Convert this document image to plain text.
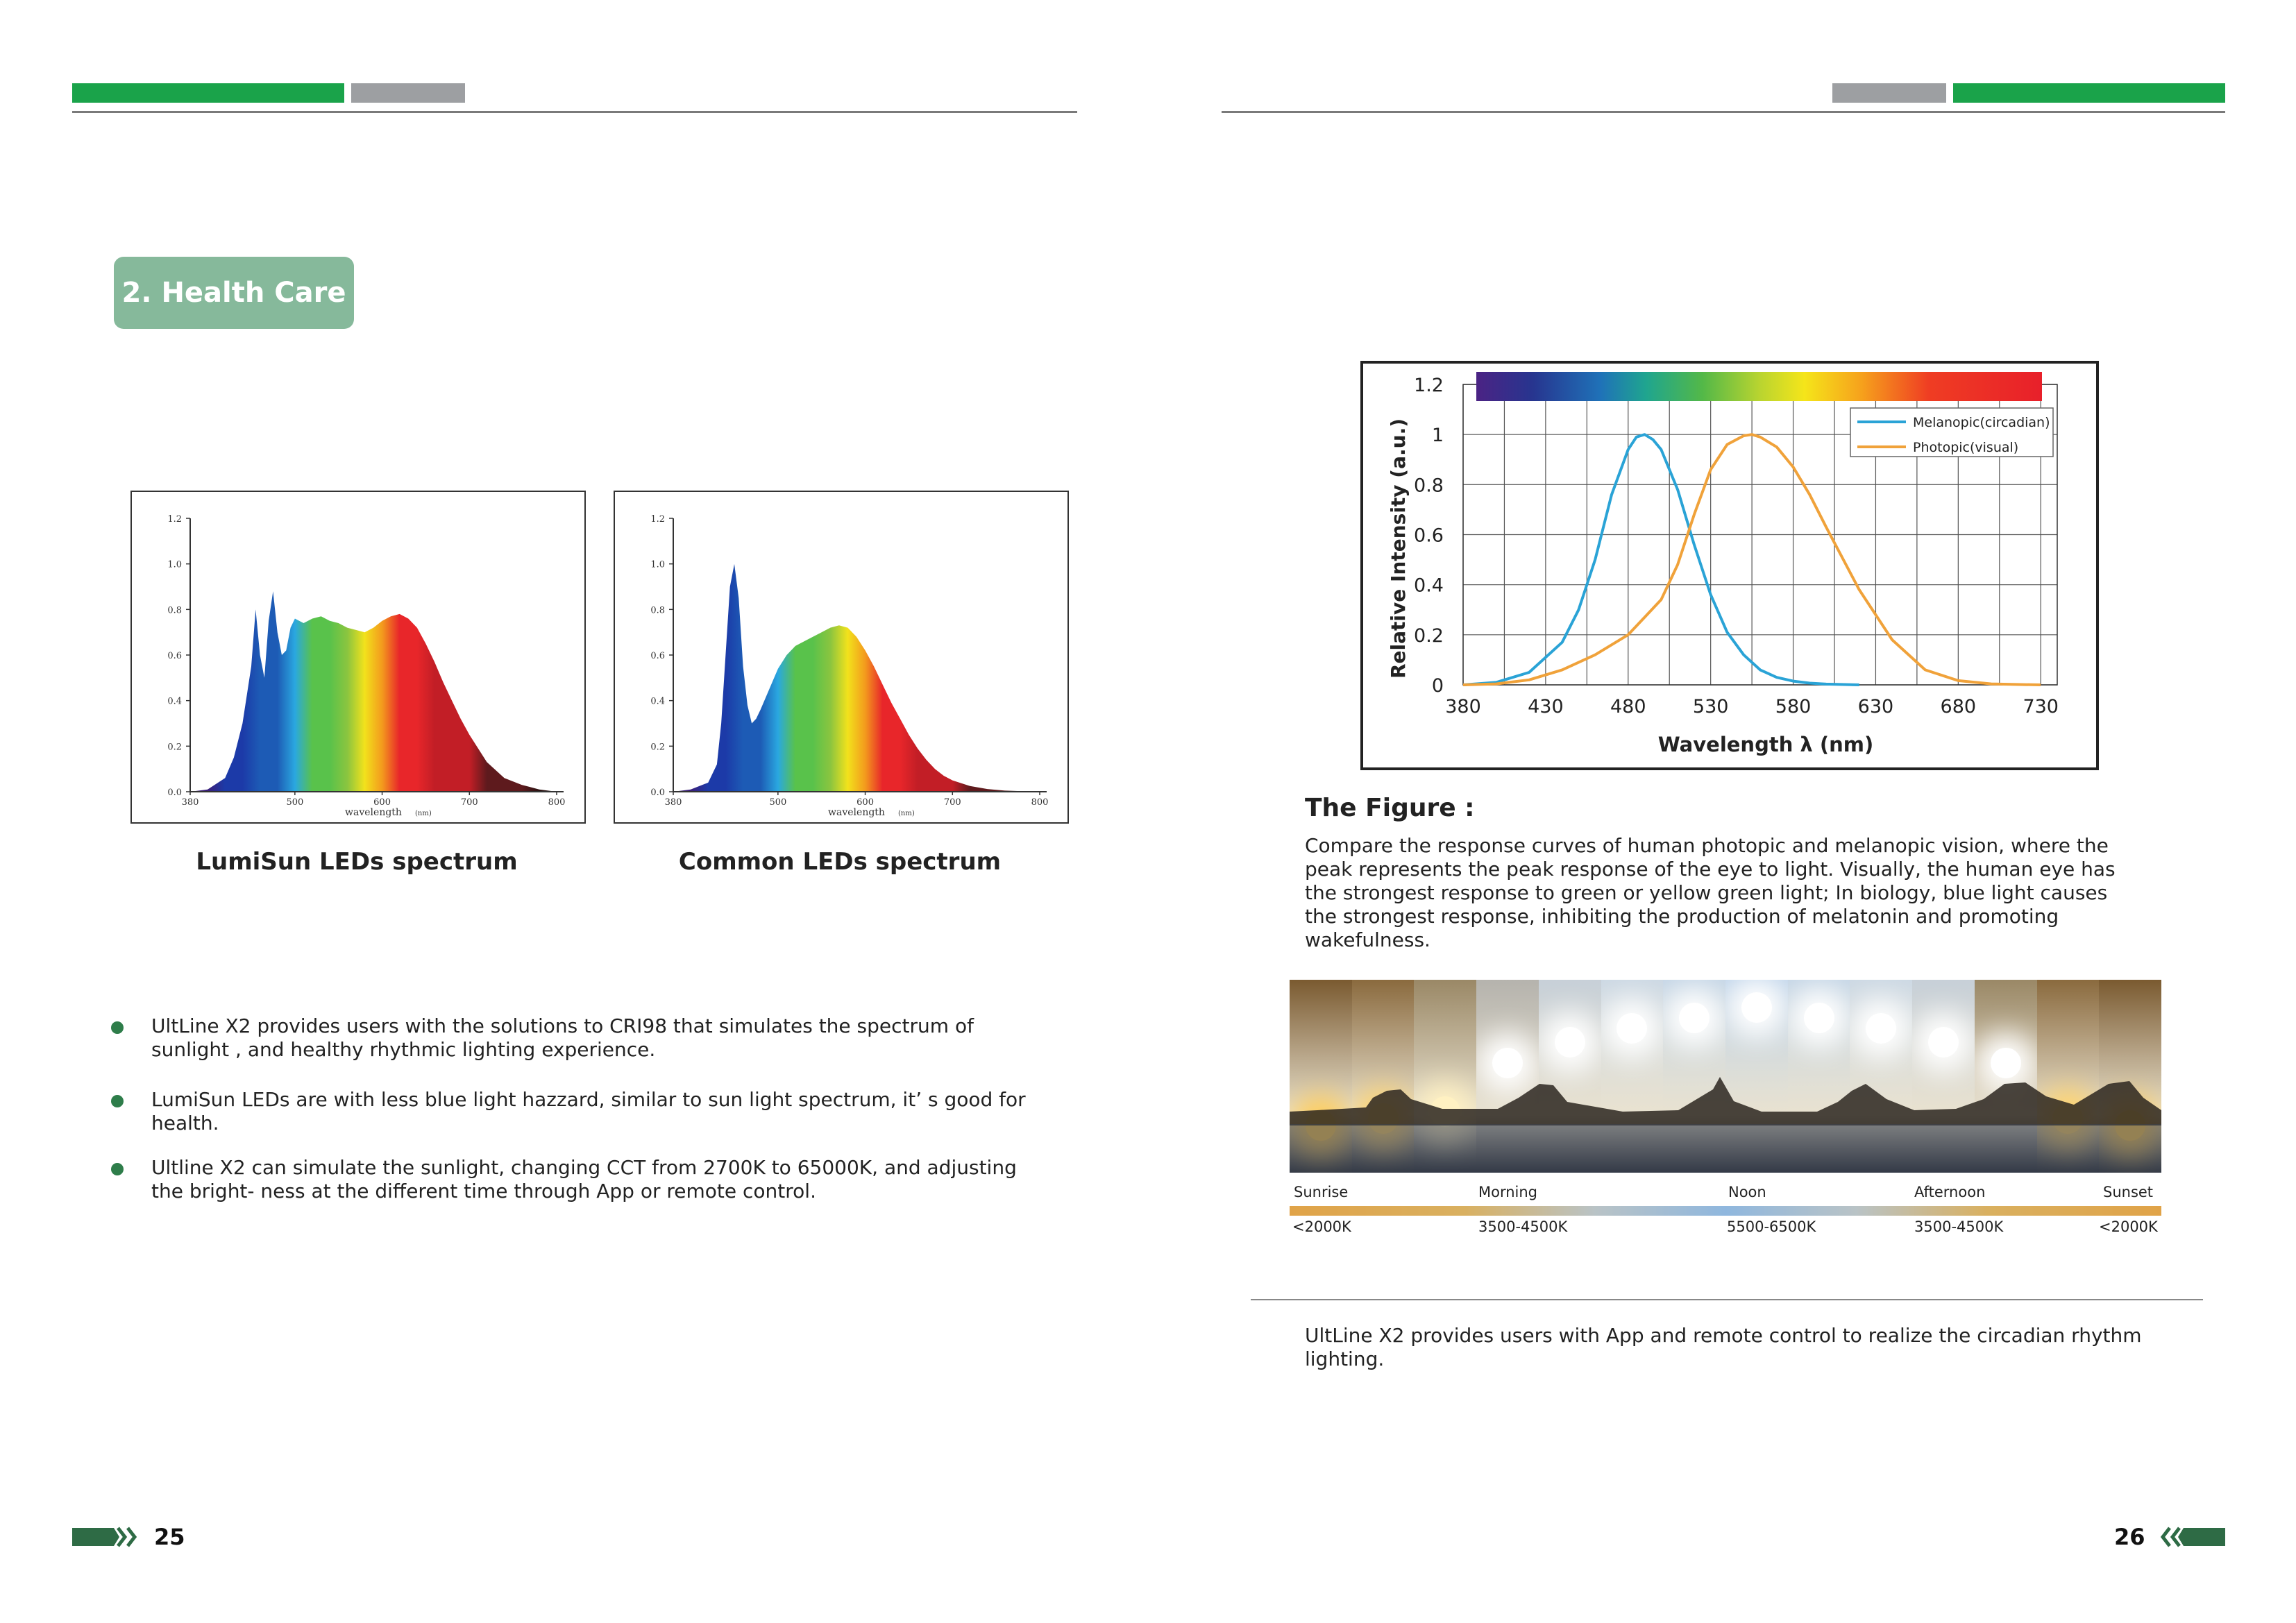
2. Health Care
0.0
0.2
0.4
0.6
0.8
1.0
1.2
380	500	600	700	800
wavelength (nm)
LumiSun LEDs spectrum
0.0
0.2
0.4
0.6
0.8
1.0
1.2
380	500	600	700	800
wavelength (nm)
Common LEDs spectrum
UltLine X2 provides users with the solutions to CRI98 that simulates the spectrum of sunlight , and healthy rhythmic lighting experience.
LumiSun LEDs are with less blue light hazzard, similar to sun light spectrum, it’ s good for health.
Ultline X2 can simulate the sunlight, changing CCT from 2700K to 65000K, and adjusting the bright- ness at the different time through App or remote control.
25
0
0.2
0.4
0.6
0.8
1
1.2
380 430 480 530 580 630 680 730
Wavelength λ (nm)
Relative Intensity (a.u.)	Melanopic(circadian)
Photopic(visual)
The Figure :
Compare the response curves of human photopic and melanopic vision, where the peak represents the peak response of the eye to light. Visually, the human eye has the strongest response to green or yellow green light; In biology, blue light causes the strongest response, inhibiting the production of melatonin and promoting wakefulness.
Sunrise	Morning	Noon	Afternoon	Sunset
<2000K	3500-4500K	5500-6500K	3500-4500K	<2000K
UltLine X2 provides users with App and remote control to realize the circadian rhythm lighting.
26
